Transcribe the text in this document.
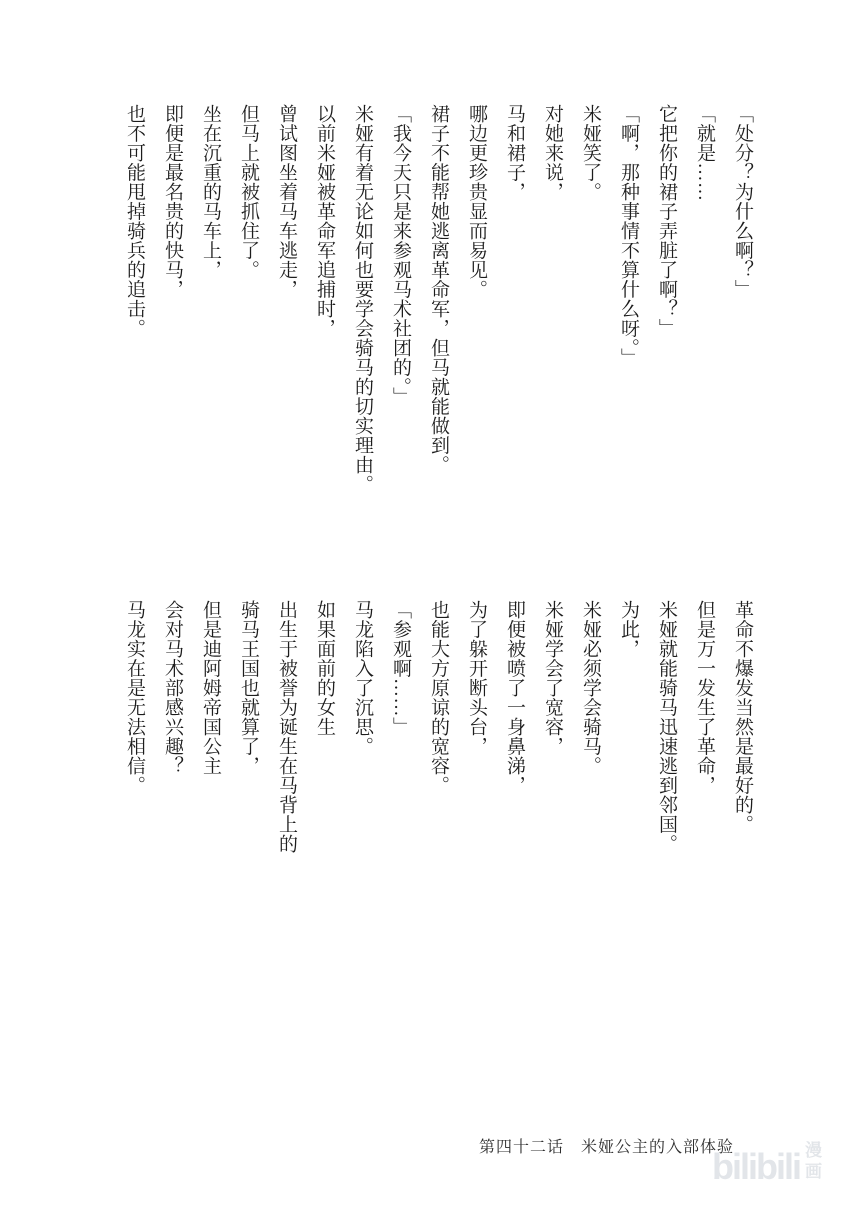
「处分？为什么啊？」
「就是……
它把你的裙子弄脏了啊？」
「啊，那种事情不算什么呀。」
米娅笑了。
对她来说，
马和裙子，
哪边更珍贵显而易见。
裙子不能帮她逃离革命军，但马就能做到。
「我今天只是来参观马术社团的。」
米娅有着无论如何也要学会骑马的切实理由。
以前米娅被革命军追捕时，
曾试图坐着马车逃走，
但马上就被抓住了。
坐在沉重的马车上，
即便是最名贵的快马，
也不可能甩掉骑兵的追击。
革命不爆发当然是最好的。
但是万一发生了革命，
米娅就能骑马迅速逃到邻国。
为此，
米娅必须学会骑马。
米娅学会了宽容，
即便被喷了一身鼻涕，
为了躲开断头台，
也能大方原谅的宽容。
「参观啊……」
马龙陷入了沉思。
如果面前的女生
出生于被誉为诞生在马背上的
骑马王国也就算了，
但是迪阿姆帝国公主
会对马术部感兴趣？
马龙实在是无法相信。
第四十二话　米娅公主的入部体验
bilibili 漫
画
